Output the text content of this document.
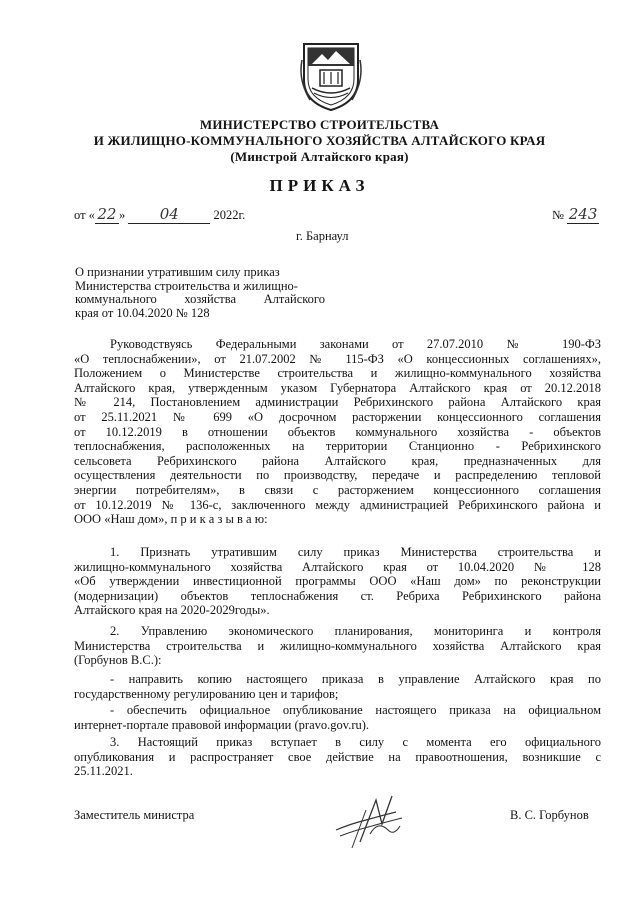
МИНИСТЕРСТВО СТРОИТЕЛЬСТВА
И ЖИЛИЩНО-КОММУНАЛЬНОГО ХОЗЯЙСТВА АЛТАЙСКОГО КРАЯ
(Минстрой Алтайского края)
ПРИКАЗ
от « 22 » 04	2022г.	№ 243
г. Барнаул
О признании утратившим силу приказ
Министерства строительства и жилищно-
коммунального хозяйства Алтайского
края от 10.04.2020 № 128
Руководствуясь Федеральными законами от 27.07.2010 № 190-ФЗ
«О теплоснабжении», от 21.07.2002 № 115-ФЗ «О концессионных соглашениях»,
Положением о Министерстве строительства и жилищно-коммунального хозяйства
Алтайского края, утвержденным указом Губернатора Алтайского края от 20.12.2018
№ 214, Постановлением администрации Ребрихинского района Алтайского края
от 25.11.2021 № 699 «О досрочном расторжении концессионного соглашения
от 10.12.2019 в отношении объектов коммунального хозяйства - объектов
теплоснабжения, расположенных на территории Станционно - Ребрихинского
сельсовета Ребрихинского района Алтайского края, предназначенных для
осуществления деятельности по производству, передаче и распределению тепловой
энергии потребителям», в связи с расторжением концессионного соглашения
от 10.12.2019 № 136-с, заключенного между администрацией Ребрихинского района и
ООО «Наш дом», п р и к а з ы в а ю:
1. Признать утратившим силу приказ Министерства строительства и
жилищно-коммунального хозяйства Алтайского края от 10.04.2020 № 128
«Об утверждении инвестиционной программы ООО «Наш дом» по реконструкции
(модернизации) объектов теплоснабжения ст. Ребриха Ребрихинского района
Алтайского края на 2020-2029годы».
2. Управлению экономического планирования, мониторинга и контроля
Министерства строительства и жилищно-коммунального хозяйства Алтайского края
(Горбунов В.С.):
- направить копию настоящего приказа в управление Алтайского края по
государственному регулированию цен и тарифов;
- обеспечить официальное опубликование настоящего приказа на официальном
интернет-портале правовой информации (pravo.gov.ru).
3. Настоящий приказ вступает в силу с момента его официального
опубликования и распространяет свое действие на правоотношения, возникшие с
25.11.2021.
Заместитель министра	В. С. Горбунов
